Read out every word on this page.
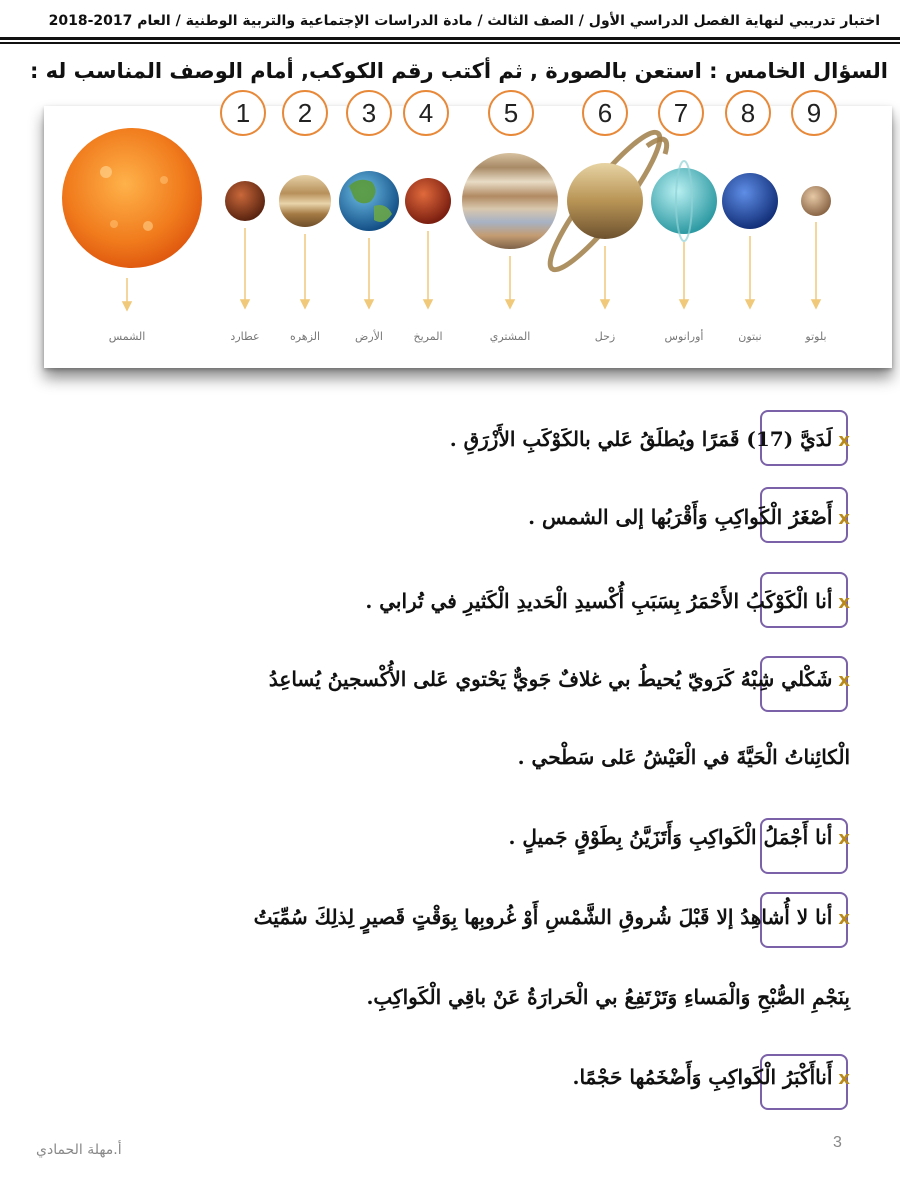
اختبار تدريبي لنهاية الفصل الدراسي الأول / الصف الثالث / مادة الدراسات الإجتماعية والتربية الوطنية / العام 2017-2018
السؤال الخامس : استعن بالصورة , ثم أكتب رقم الكوكب, أمام الوصف المناسب له :
1	2	3	4	5	6	7	8	9
الشمس	عطارد	الزهره	الأرض	المريخ	المشتري	زحل	أورانوس	نبتون	بلوتو
xلَدَيَّ (17) قَمَرًا ويُطلَقُ عَلي بالكَوْكَبِ الأَزْرَقِ .
xأَصْغَرُ الْكَواكِبِ وَأَقْرَبُها إلى الشمس .
xأنا الْكَوْكَبُ الأَحْمَرُ بِسَبَبِ أُكْسيدِ الْحَديدِ الْكَثيرِ في تُرابي .
xشَكْلي شِبْهُ كَرَويّ يُحيطُ بي غلافٌ جَويٌّ يَحْتوي عَلى الأُكْسجينُ يُساعِدُ
الْكائِناتُ الْحَيَّةَ في الْعَيْشُ عَلى سَطْحي .
xأنا أَجْمَلُ الْكَواكِبِ وَأَتَزَيَّنُ بِطَوْقٍ جَميلٍ .
xأنا لا أُشاهِدُ إلا قَبْلَ شُروقِ الشَّمْسِ أَوْ غُروبِها بِوَقْتٍ قَصيرٍ لِذلِكَ سُمِّيَتُ
بِنَجْمِ الصُّبْحِ وَالْمَساءِ وَتَرْتَفِعُ بي الْحَرارَةُ عَنْ باقِي الْكَواكِبِ.
xأَناأَكْبَرُ الْكَواكِبِ وَأَضْخَمُها حَجْمًا.
أ.مهلة الحمادي	3
